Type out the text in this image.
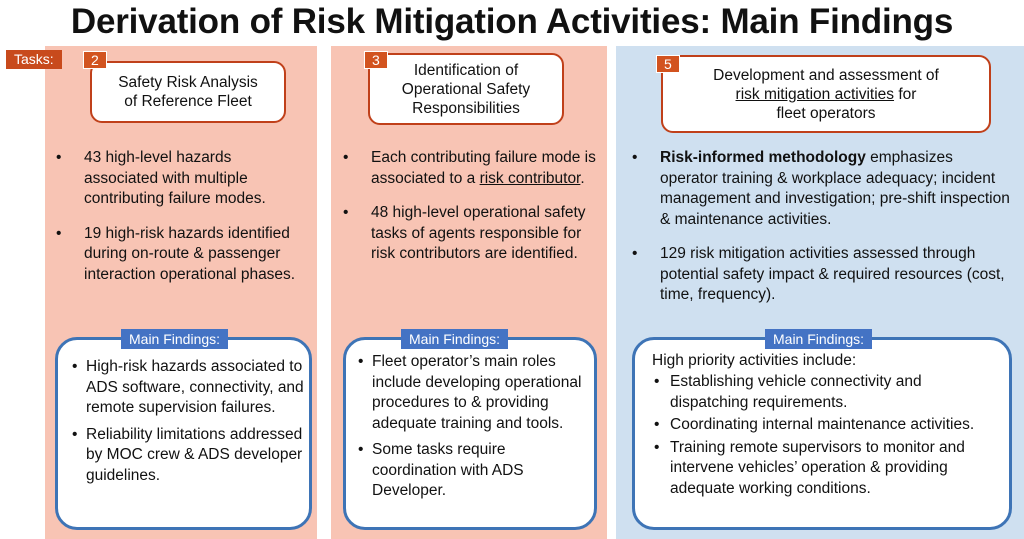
Derivation of Risk Mitigation Activities: Main Findings
Tasks:
Safety Risk Analysis
of Reference Fleet
2
• 43 high-level hazards associated with multiple contributing failure modes.
• 19 high-risk hazards identified during on-route & passenger interaction operational phases.
Main Findings:
• High-risk hazards associated to ADS software, connectivity, and remote supervision failures.
• Reliability limitations addressed by MOC crew & ADS developer guidelines.
Identification of
Operational Safety
Responsibilities
3
• Each contributing failure mode is associated to a risk contributor.
• 48 high-level operational safety tasks of agents responsible for risk contributors are identified.
Main Findings:
• Fleet operator’s main roles include developing operational procedures to & providing adequate training and tools.
• Some tasks require coordination with ADS Developer.
Development and assessment of
risk mitigation activities for
fleet operators
5
• Risk-informed methodology emphasizes operator training & workplace adequacy; incident management and investigation; pre-shift inspection & maintenance activities.
• 129 risk mitigation activities assessed through potential safety impact & required resources (cost, time, frequency).
Main Findings:
High priority activities include:
• Establishing vehicle connectivity and dispatching requirements.
• Coordinating internal maintenance activities.
• Training remote supervisors to monitor and intervene vehicles’ operation & providing adequate working conditions.
